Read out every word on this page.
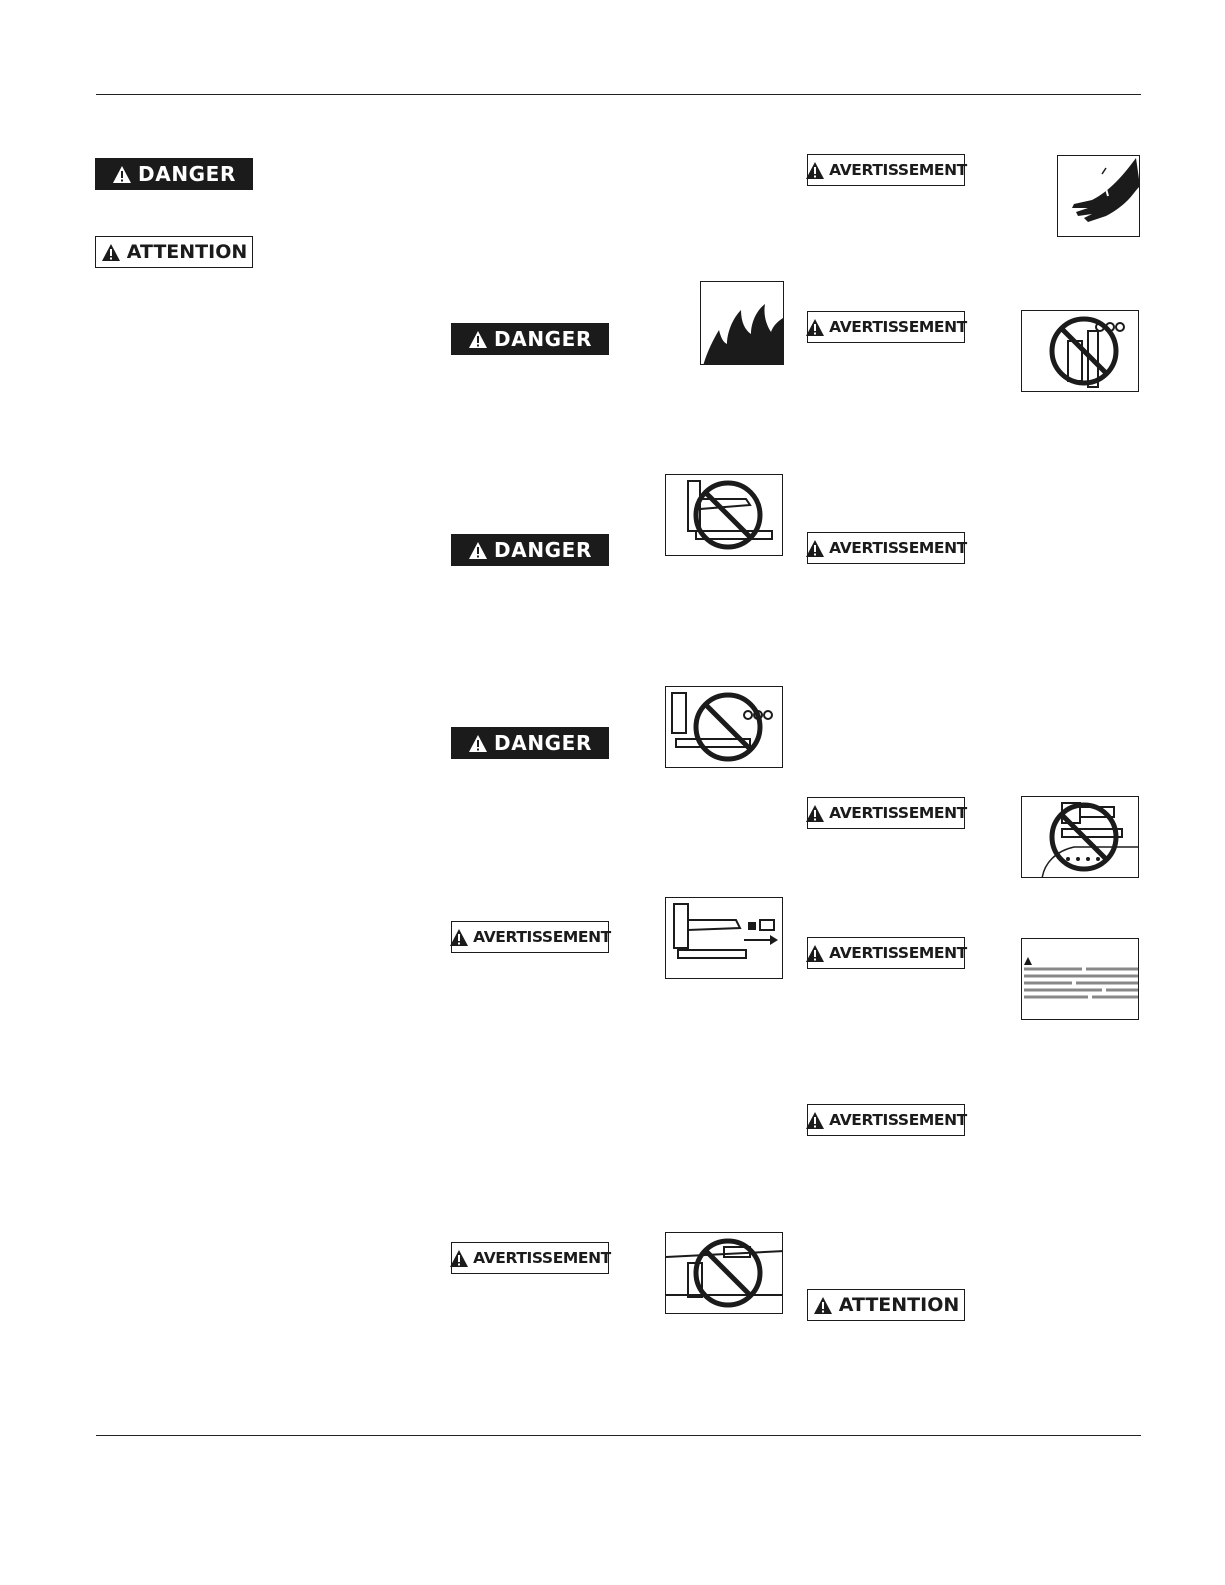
DANGER
ATTENTION
DANGER
DANGER
DANGER
AVERTISSEMENT
AVERTISSEMENT
AVERTISSEMENT
AVERTISSEMENT
AVERTISSEMENT
AVERTISSEMENT
AVERTISSEMENT
AVERTISSEMENT
ATTENTION
